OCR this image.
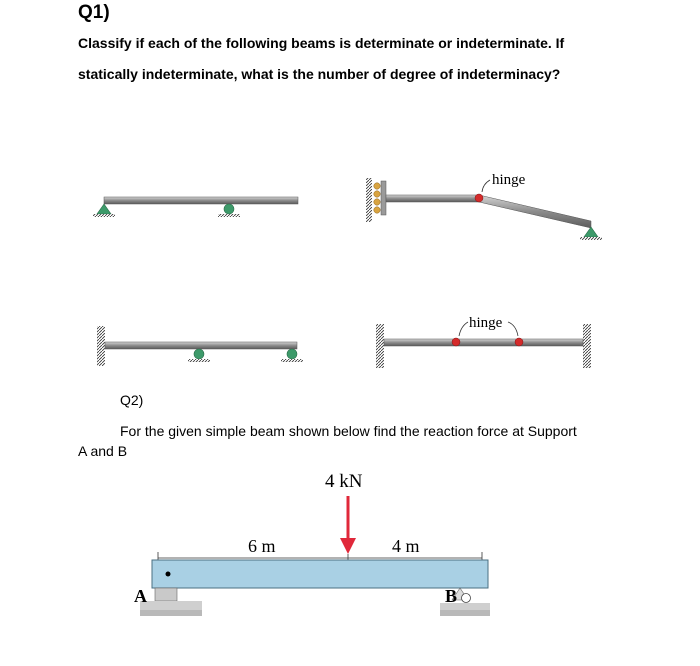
Q1)
Classify if each of the following beams is determinate or indeterminate. If
statically indeterminate, what is the number of degree of indeterminacy?
Q2)
For the given simple beam shown below find the reaction force at Support
A and B
hinge
hinge
4 kN
6 m	4 m
A	B
